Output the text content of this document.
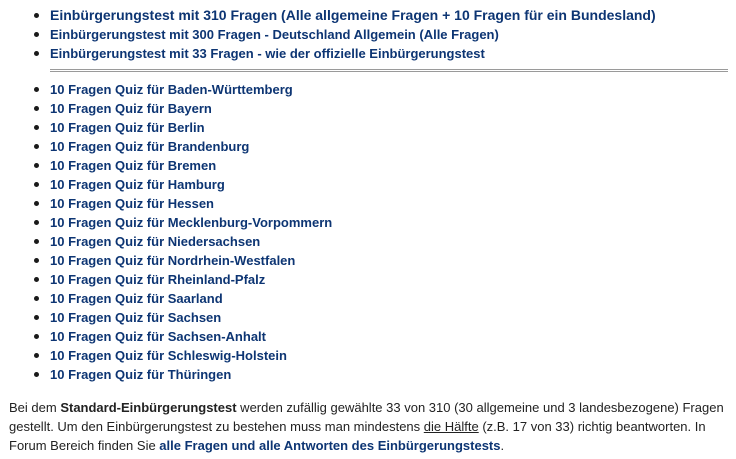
Einbürgerungstest mit 310 Fragen (Alle allgemeine Fragen + 10 Fragen für ein Bundesland)
Einbürgerungstest mit 300 Fragen - Deutschland Allgemein (Alle Fragen)
Einbürgerungstest mit 33 Fragen - wie der offizielle Einbürgerungstest
10 Fragen Quiz für Baden-Württemberg
10 Fragen Quiz für Bayern
10 Fragen Quiz für Berlin
10 Fragen Quiz für Brandenburg
10 Fragen Quiz für Bremen
10 Fragen Quiz für Hamburg
10 Fragen Quiz für Hessen
10 Fragen Quiz für Mecklenburg-Vorpommern
10 Fragen Quiz für Niedersachsen
10 Fragen Quiz für Nordrhein-Westfalen
10 Fragen Quiz für Rheinland-Pfalz
10 Fragen Quiz für Saarland
10 Fragen Quiz für Sachsen
10 Fragen Quiz für Sachsen-Anhalt
10 Fragen Quiz für Schleswig-Holstein
10 Fragen Quiz für Thüringen

Bei dem Standard-Einbürgerungstest werden zufällig gewählte 33 von 310 (30 allgemeine und 3 landesbezogene) Fragen gestellt. Um den Einbürgerungstest zu bestehen muss man mindestens die Hälfte (z.B. 17 von 33) richtig beantworten. In Forum Bereich finden Sie alle Fragen und alle Antworten des Einbürgerungstests.
